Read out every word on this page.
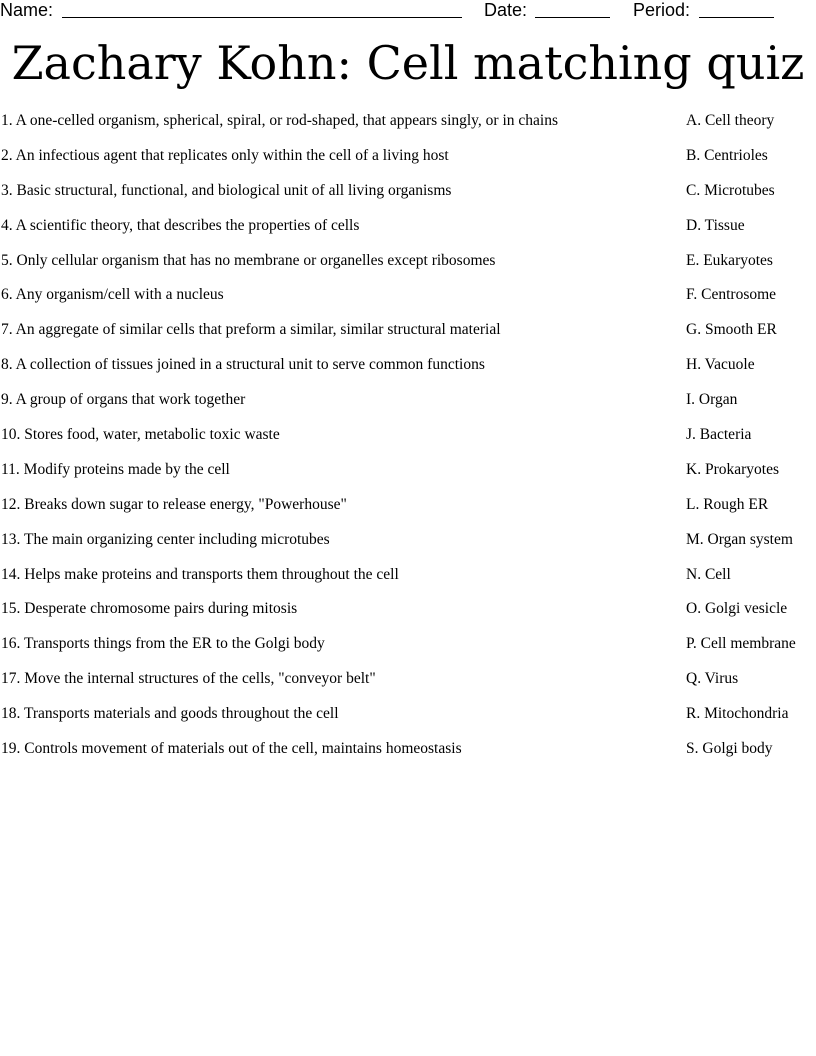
Name:	Date:	Period:
Zachary Kohn: Cell matching quiz
1. A one-celled organism, spherical, spiral, or rod-shaped, that appears singly, or in chains	A. Cell theory
2. An infectious agent that replicates only within the cell of a living host	B. Centrioles
3. Basic structural, functional, and biological unit of all living organisms	C. Microtubes
4. A scientific theory, that describes the properties of cells	D. Tissue
5. Only cellular organism that has no membrane or organelles except ribosomes	E. Eukaryotes
6. Any organism/cell with a nucleus	F. Centrosome
7. An aggregate of similar cells that preform a similar, similar structural material	G. Smooth ER
8. A collection of tissues joined in a structural unit to serve common functions	H. Vacuole
9. A group of organs that work together	I. Organ
10. Stores food, water, metabolic toxic waste	J. Bacteria
11. Modify proteins made by the cell	K. Prokaryotes
12. Breaks down sugar to release energy, "Powerhouse"	L. Rough ER
13. The main organizing center including microtubes	M. Organ system
14. Helps make proteins and transports them throughout the cell	N. Cell
15. Desperate chromosome pairs during mitosis	O. Golgi vesicle
16. Transports things from the ER to the Golgi body	P. Cell membrane
17. Move the internal structures of the cells, "conveyor belt"	Q. Virus
18. Transports materials and goods throughout the cell	R. Mitochondria
19. Controls movement of materials out of the cell, maintains homeostasis	S. Golgi body
